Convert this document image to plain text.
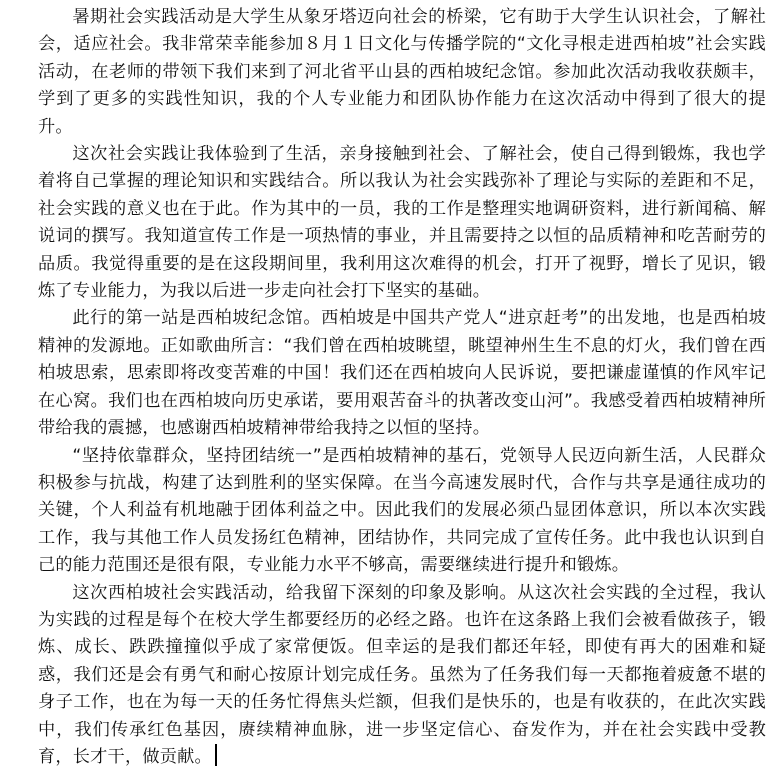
暑期社会实践活动是大学生从象牙塔迈向社会的桥梁，它有助于大学生认识社会，了解社会，适应社会。我非常荣幸能参加８月１日文化与传播学院的“文化寻根走进西柏坡”社会实践活动，在老师的带领下我们来到了河北省平山县的西柏坡纪念馆。参加此次活动我收获颇丰，学到了更多的实践性知识，我的个人专业能力和团队协作能力在这次活动中得到了很大的提升。

这次社会实践让我体验到了生活，亲身接触到社会、了解社会，使自己得到锻炼，我也学着将自己掌握的理论知识和实践结合。所以我认为社会实践弥补了理论与实际的差距和不足，社会实践的意义也在于此。作为其中的一员，我的工作是整理实地调研资料，进行新闻稿、解说词的撰写。我知道宣传工作是一项热情的事业，并且需要持之以恒的品质精神和吃苦耐劳的品质。我觉得重要的是在这段期间里，我利用这次难得的机会，打开了视野，增长了见识，锻炼了专业能力，为我以后进一步走向社会打下坚实的基础。

此行的第一站是西柏坡纪念馆。西柏坡是中国共产党人“进京赶考”的出发地，也是西柏坡精神的发源地。正如歌曲所言：“我们曾在西柏坡眺望，眺望神州生生不息的灯火，我们曾在西柏坡思索，思索即将改变苦难的中国！我们还在西柏坡向人民诉说，要把谦虚谨慎的作风牢记在心窝。我们也在西柏坡向历史承诺，要用艰苦奋斗的执著改变山河”。我感受着西柏坡精神所带给我的震撼，也感谢西柏坡精神带给我持之以恒的坚持。

“坚持依靠群众，坚持团结统一”是西柏坡精神的基石，党领导人民迈向新生活，人民群众积极参与抗战，构建了达到胜利的坚实保障。在当今高速发展时代，合作与共享是通往成功的关键，个人利益有机地融于团体利益之中。因此我们的发展必须凸显团体意识，所以本次实践工作，我与其他工作人员发扬红色精神，团结协作，共同完成了宣传任务。此中我也认识到自己的能力范围还是很有限，专业能力水平不够高，需要继续进行提升和锻炼。

这次西柏坡社会实践活动，给我留下深刻的印象及影响。从这次社会实践的全过程，我认为实践的过程是每个在校大学生都要经历的必经之路。也许在这条路上我们会被看做孩子，锻炼、成长、跌跌撞撞似乎成了家常便饭。但幸运的是我们都还年轻，即使有再大的困难和疑惑，我们还是会有勇气和耐心按原计划完成任务。虽然为了任务我们每一天都拖着疲惫不堪的身子工作，也在为每一天的任务忙得焦头烂额，但我们是快乐的，也是有收获的，在此次实践中，我们传承红色基因，赓续精神血脉，进一步坚定信心、奋发作为，并在社会实践中受教育，长才干，做贡献。
